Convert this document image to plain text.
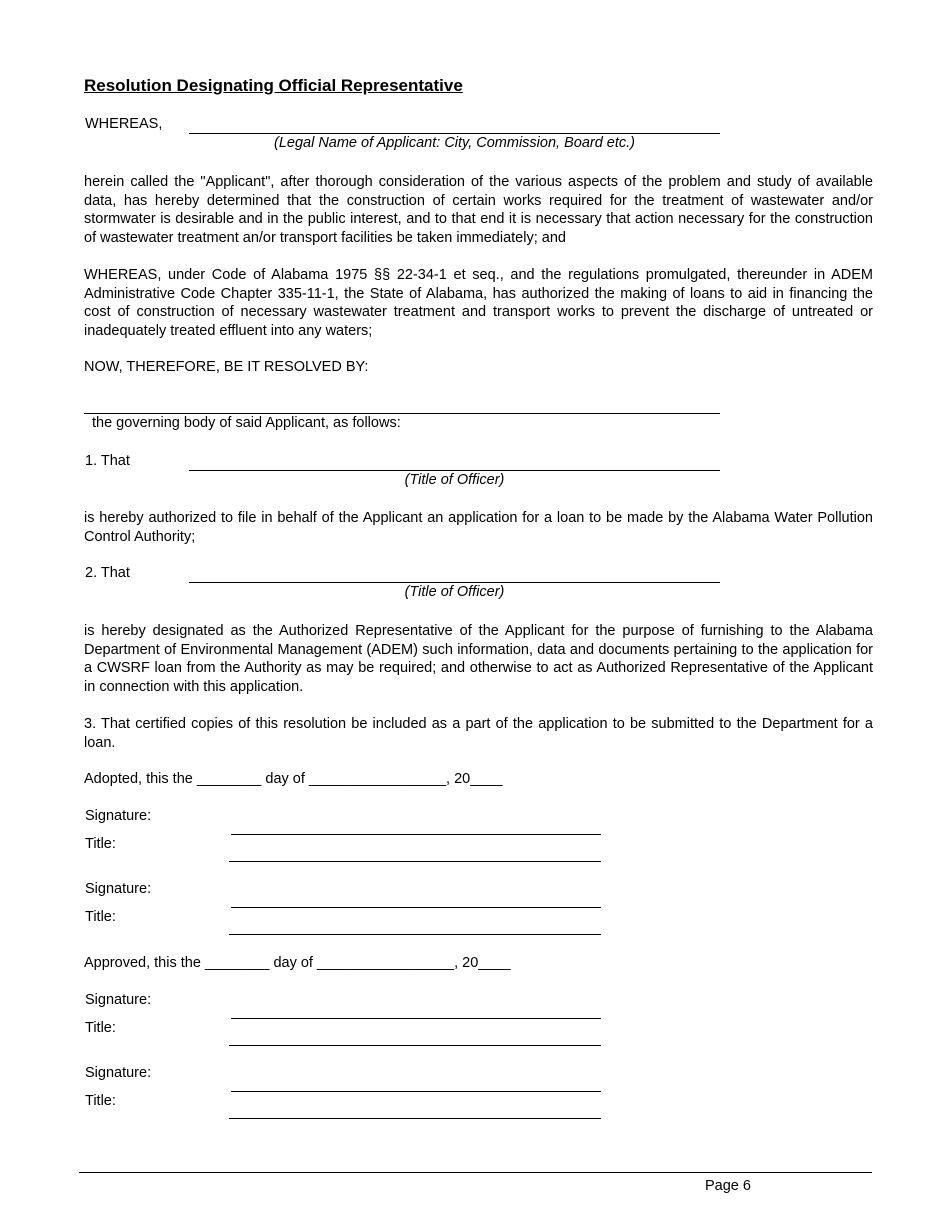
Resolution Designating Official Representative
WHEREAS,
(Legal Name of Applicant: City, Commission, Board etc.)
herein called the "Applicant", after thorough consideration of the various aspects of the problem and study of available data, has hereby determined that the construction of certain works required for the treatment of wastewater and/or stormwater is desirable and in the public interest, and to that end it is necessary that action necessary for the construction of wastewater treatment an/or transport facilities be taken immediately; and
WHEREAS, under Code of Alabama 1975 §§ 22-34-1 et seq., and the regulations promulgated, thereunder in ADEM Administrative Code Chapter 335-11-1, the State of Alabama, has authorized the making of loans to aid in financing the cost of construction of necessary wastewater treatment and transport works to prevent the discharge of untreated or inadequately treated effluent into any waters;
NOW, THEREFORE, BE IT RESOLVED BY:
the governing body of said Applicant, as follows:
1. That
(Title of Officer)
is hereby authorized to file in behalf of the Applicant an application for a loan to be made by the Alabama Water Pollution Control Authority;
2. That
(Title of Officer)
is hereby designated as the Authorized Representative of the Applicant for the purpose of furnishing to the Alabama Department of Environmental Management (ADEM) such information, data and documents pertaining to the application for a CWSRF loan from the Authority as may be required; and otherwise to act as Authorized Representative of the Applicant in connection with this application.
3. That certified copies of this resolution be included as a part of the application to be submitted to the Department for a loan.
Adopted, this the ________ day of _________________, 20____
Signature:
Title:
Signature:
Title:
Approved, this the ________ day of _________________, 20____
Signature:
Title:
Signature:
Title:
Page 6
